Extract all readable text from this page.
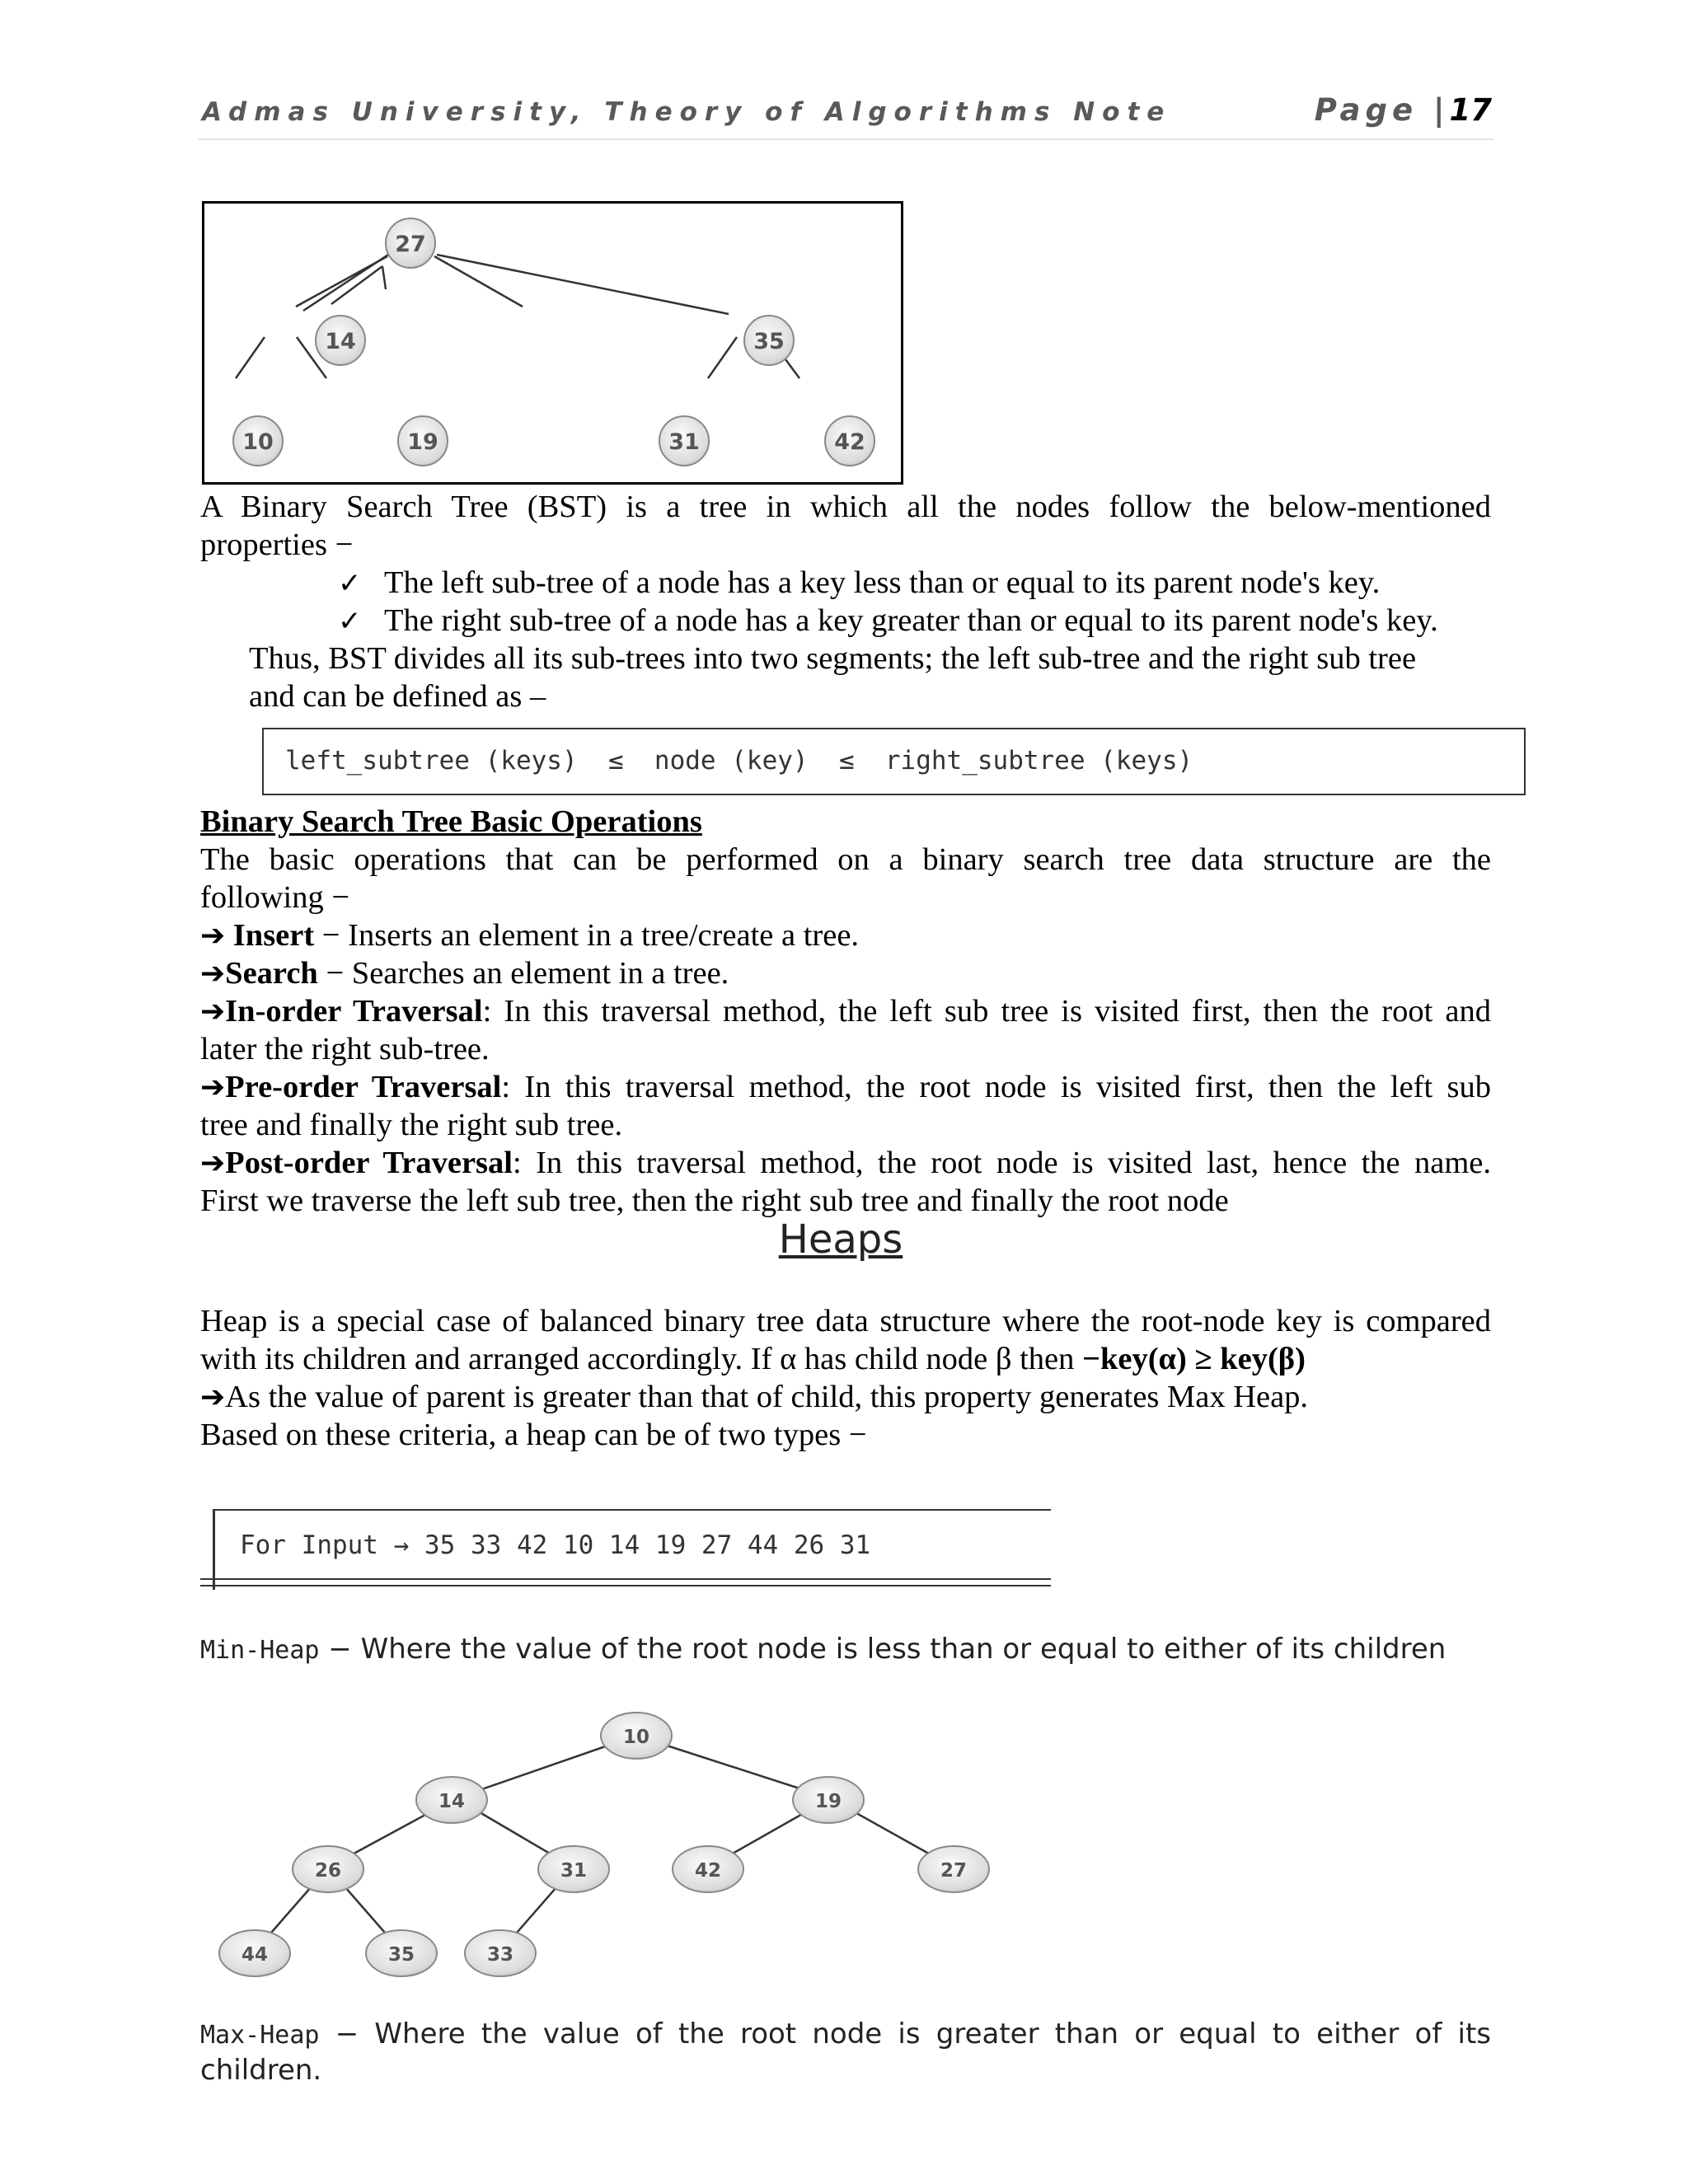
Admas University, Theory of Algorithms Note	Page |17
27
14	35
10	19	31	42
A Binary Search Tree (BST) is a tree in which all the nodes follow the below-mentioned
properties −
✓ The left sub-tree of a node has a key less than or equal to its parent node's key.
✓ The right sub-tree of a node has a key greater than or equal to its parent node's key.
Thus, BST divides all its sub-trees into two segments; the left sub-tree and the right sub tree
and can be defined as –
left_subtree (keys)  ≤  node (key)  ≤  right_subtree (keys)
Binary Search Tree Basic Operations
The basic operations that can be performed on a binary search tree data structure are the
following −
➔ Insert − Inserts an element in a tree/create a tree.
➔Search − Searches an element in a tree.
➔In-order Traversal: In this traversal method, the left sub tree is visited first, then the root and
later the right sub-tree.
➔Pre-order Traversal: In this traversal method, the root node is visited first, then the left sub
tree and finally the right sub tree.
➔Post-order Traversal: In this traversal method, the root node is visited last, hence the name.
First we traverse the left sub tree, then the right sub tree and finally the root node
Heaps
Heap is a special case of balanced binary tree data structure where the root-node key is compared
with its children and arranged accordingly. If α has child node β then −key(α) ≥ key(β)
➔As the value of parent is greater than that of child, this property generates Max Heap.
Based on these criteria, a heap can be of two types −
For Input → 35 33 42 10 14 19 27 44 26 31
Min-Heap − Where the value of the root node is less than or equal to either of its children
10
14	19
26	31	42	27
44	35	33
Max-Heap − Where the value of the root node is greater than or equal to either of its
children.
